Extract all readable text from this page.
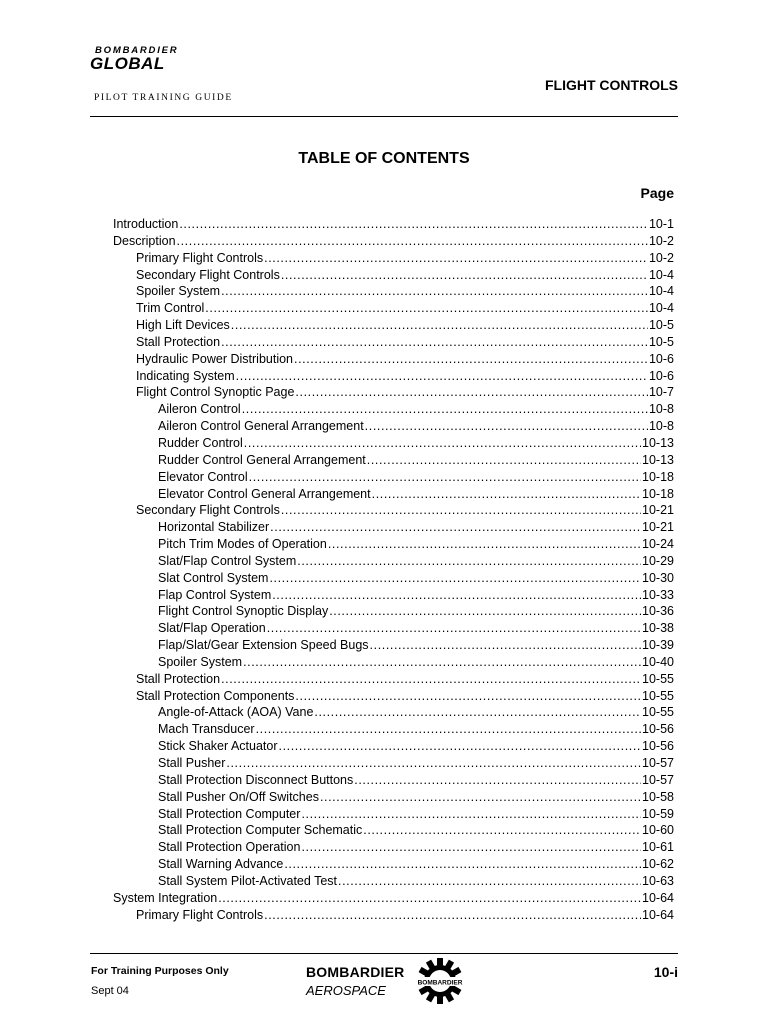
BOMBARDIER
GLOBAL
PILOT TRAINING GUIDE
FLIGHT CONTROLS
TABLE OF CONTENTS
Page
Introduction .....	10-1
Description .....	10-2
Primary Flight Controls .....	10-2
Secondary Flight Controls .....	10-4
Spoiler System .....	10-4
Trim Control .....	10-4
High Lift Devices .....	10-5
Stall Protection .....	10-5
Hydraulic Power Distribution .....	10-6
Indicating System .....	10-6
Flight Control Synoptic Page .....	10-7
Aileron Control .....	10-8
Aileron Control General Arrangement .....	10-8
Rudder Control .....	10-13
Rudder Control General Arrangement .....	10-13
Elevator Control .....	10-18
Elevator Control General Arrangement .....	10-18
Secondary Flight Controls .....	10-21
Horizontal Stabilizer .....	10-21
Pitch Trim Modes of Operation .....	10-24
Slat/Flap Control System .....	10-29
Slat Control System .....	10-30
Flap Control System .....	10-33
Flight Control Synoptic Display .....	10-36
Slat/Flap Operation .....	10-38
Flap/Slat/Gear Extension Speed Bugs .....	10-39
Spoiler System .....	10-40
Stall Protection .....	10-55
Stall Protection Components .....	10-55
Angle-of-Attack (AOA) Vane .....	10-55
Mach Transducer .....	10-56
Stick Shaker Actuator .....	10-56
Stall Pusher .....	10-57
Stall Protection Disconnect Buttons .....	10-57
Stall Pusher On/Off Switches .....	10-58
Stall Protection Computer .....	10-59
Stall Protection Computer Schematic .....	10-60
Stall Protection Operation .....	10-61
Stall Warning Advance .....	10-62
Stall System Pilot-Activated Test .....	10-63
System Integration .....	10-64
Primary Flight Controls .....	10-64
For Training Purposes Only
Sept 04
BOMBARDIER
AEROSPACE	BOMBARDIER
10-i
